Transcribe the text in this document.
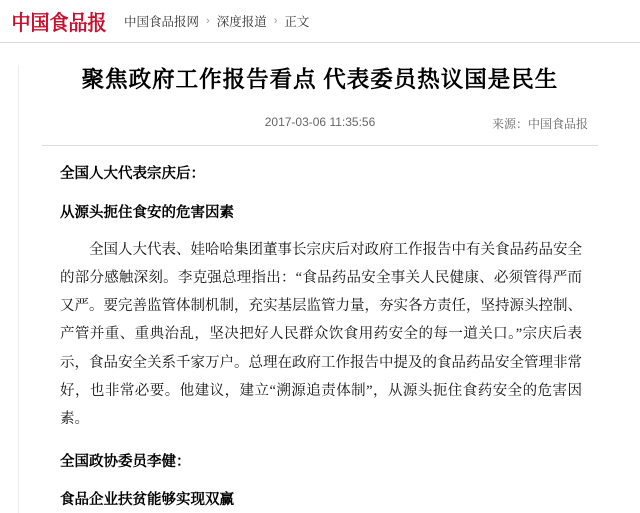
中国食品报 中国食品报网 › 深度报道 › 正文
聚焦政府工作报告看点 代表委员热议国是民生
2017-03-06 11:35:56	来源：中国食品报

全国人大代表宗庆后：

从源头扼住食安的危害因素

全国人大代表、娃哈哈集团董事长宗庆后对政府工作报告中有关食品药品安全的部分感触深刻。李克强总理指出：“食品药品安全事关人民健康、必须管得严而又严。要完善监管体制机制，充实基层监管力量，夯实各方责任，坚持源头控制、产管并重、重典治乱，坚决把好人民群众饮食用药安全的每一道关口。”宗庆后表示，食品安全关系千家万户。总理在政府工作报告中提及的食品药品安全管理非常好，也非常必要。他建议，建立“溯源追责体制”，从源头扼住食药安全的危害因素。

全国政协委员李健：

食品企业扶贫能够实现双赢
